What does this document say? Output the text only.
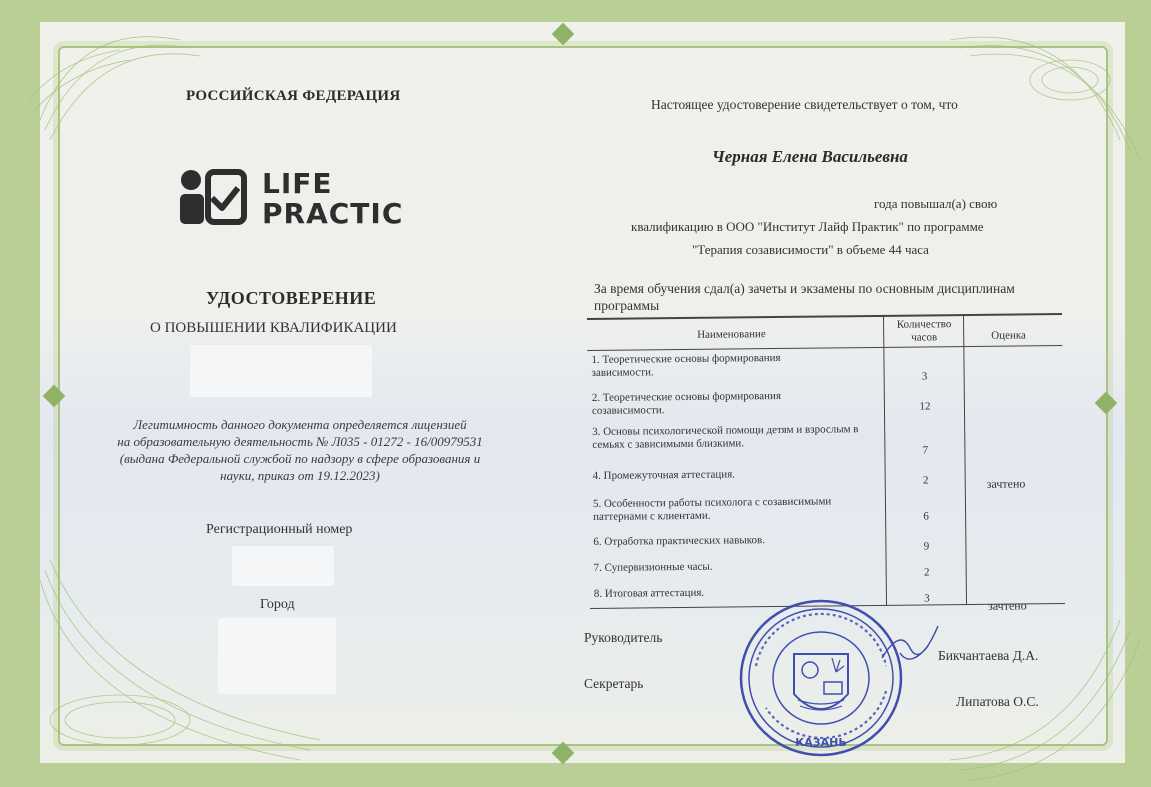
РОССИЙСКАЯ ФЕДЕРАЦИЯ
LIFE
PRACTIC
УДОСТОВЕРЕНИЕ
О ПОВЫШЕНИИ КВАЛИФИКАЦИИ
Легитимность данного документа определяется лицензией
на образовательную деятельность № Л035 - 01272 - 16/00979531
(выдана Федеральной службой по надзору в сфере образования и
науки, приказ от 19.12.2023)
Регистрационный номер
Город
Настоящее удостоверение свидетельствует о том, что
Черная Елена Васильевна
года повышал(а) свою
квалификацию в ООО "Институт Лайф Практик" по программе
"Терапия созависимости" в объеме 44 часа
За время обучения сдал(а) зачеты и экзамены по основным дисциплинам программы
Наименование
Количество часов	Оценка
1. Теоретические основы формирования зависимости.	3
2. Теоретические основы формирования созависимости.	12
3. Основы психологической помощи детям и взрослым в семьях с зависимыми близкими.	7
4. Промежуточная аттестация.	2	зачтено
5. Особенности работы психолога с созависимыми паттернами с клиентами.	6
6. Отработка практических навыков.	9
7. Супервизионные часы.	2
8. Итоговая аттестация.	3	зачтено
Руководитель
Бикчантаева Д.А.
Секретарь
Липатова О.С.
КАЗАНЬ
